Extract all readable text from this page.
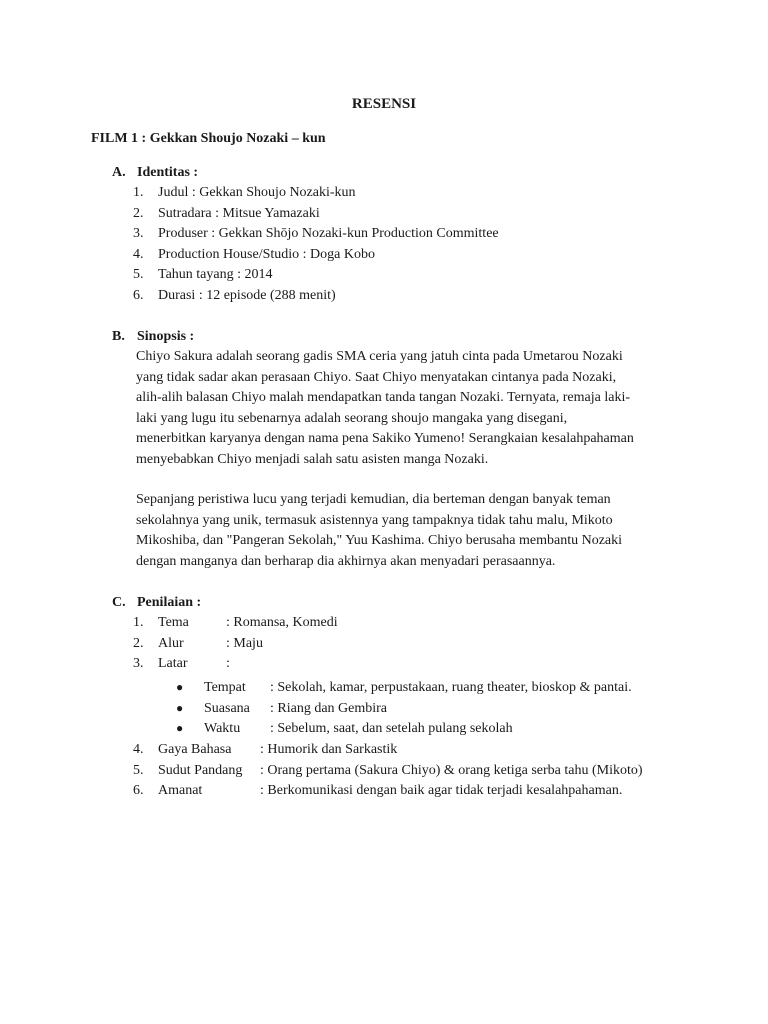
RESENSI
FILM 1 : Gekkan Shoujo Nozaki – kun
A. Identitas :
1. Judul : Gekkan Shoujo Nozaki-kun
2. Sutradara : Mitsue Yamazaki
3. Produser : Gekkan Shōjo Nozaki-kun Production Committee
4. Production House/Studio : Doga Kobo
5. Tahun tayang : 2014
6. Durasi : 12 episode (288 menit)
B. Sinopsis :
Chiyo Sakura adalah seorang gadis SMA ceria yang jatuh cinta pada Umetarou Nozaki
yang tidak sadar akan perasaan Chiyo. Saat Chiyo menyatakan cintanya pada Nozaki,
alih-alih balasan Chiyo malah mendapatkan tanda tangan Nozaki. Ternyata, remaja laki-
laki yang lugu itu sebenarnya adalah seorang shoujo mangaka yang disegani,
menerbitkan karyanya dengan nama pena Sakiko Yumeno! Serangkaian kesalahpahaman
menyebabkan Chiyo menjadi salah satu asisten manga Nozaki.
Sepanjang peristiwa lucu yang terjadi kemudian, dia berteman dengan banyak teman
sekolahnya yang unik, termasuk asistennya yang tampaknya tidak tahu malu, Mikoto
Mikoshiba, dan "Pangeran Sekolah," Yuu Kashima. Chiyo berusaha membantu Nozaki
dengan manganya dan berharap dia akhirnya akan menyadari perasaannya.
C. Penilaian :
1. Tema	: Romansa, Komedi
2. Alur	: Maju
3. Latar	:
● Tempat : Sekolah, kamar, perpustakaan, ruang theater, bioskop & pantai.
● Suasana : Riang dan Gembira
● Waktu : Sebelum, saat, dan setelah pulang sekolah
4. Gaya Bahasa : Humorik dan Sarkastik
5. Sudut Pandang : Orang pertama (Sakura Chiyo) & orang ketiga serba tahu (Mikoto)
6. Amanat	: Berkomunikasi dengan baik agar tidak terjadi kesalahpahaman.
